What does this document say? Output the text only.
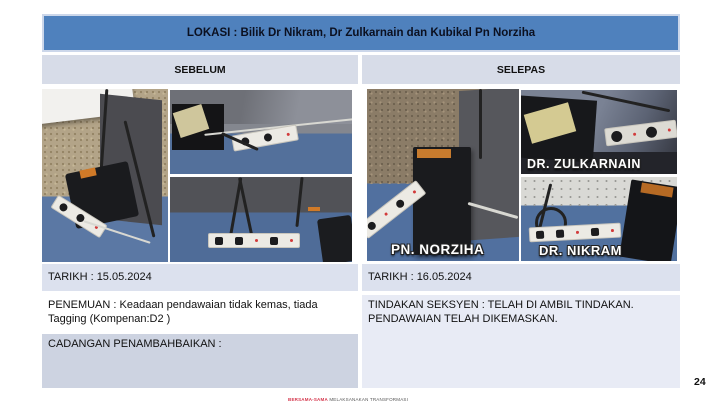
LOKASI : Bilik Dr Nikram, Dr Zulkarnain dan Kubikal Pn Norziha
SEBELUM	SELEPAS
PN. NORZIHA
DR. ZULKARNAIN
DR. NIKRAM
TARIKH : 15.05.2024	TARIKH : 16.05.2024
PENEMUAN : Keadaan pendawaian tidak kemas, tiada
Tagging (Kompenan:D2 )
TINDAKAN SEKSYEN : TELAH DI AMBIL TINDAKAN.
PENDAWAIAN TELAH DIKEMASKAN.
CADANGAN PENAMBAHBAIKAN :
BERSAMA-SAMA MELAKSANAKAN TRANSFORMASI
24
